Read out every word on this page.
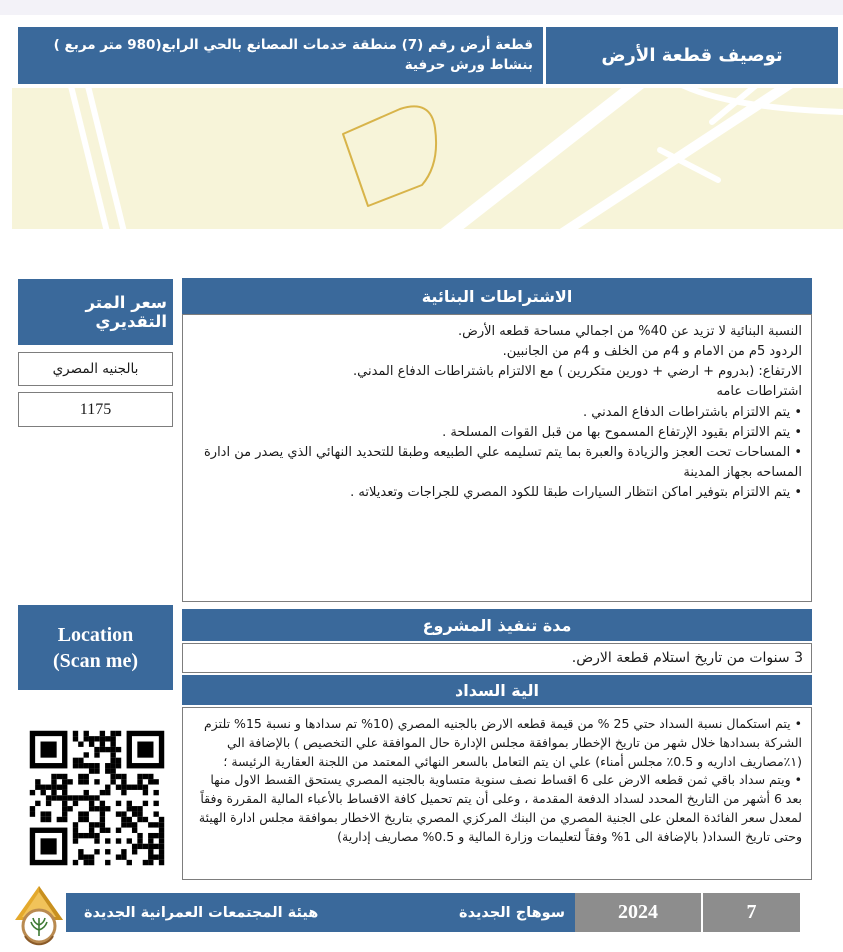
توصيف قطعة الأرض
قطعة أرض رقم (7) منطقة خدمات المصانع بالحي الرابع(980 متر مربع ) بنشاط ورش حرفية
سعر المتر التقديري
بالجنيه المصري
1175
Location
(Scan me)
الاشتراطات البنائية
النسبة البنائية لا تزيد عن 40% من اجمالي مساحة قطعه الأرض.
الردود 5م من الامام و 4م من الخلف و 4م من الجانبين.
الارتفاع: (بدروم + ارضي + دورين متكررين ) مع الالتزام باشتراطات الدفاع المدني.
اشتراطات عامه
• يتم الالتزام باشتراطات الدفاع المدني .
• يتم الالتزام بقيود الإرتفاع المسموح بها من قبل القوات المسلحة .
• المساحات تحت العجز والزيادة والعبرة بما يتم تسليمه علي الطبيعه وطبقا للتحديد النهائي الذي يصدر من ادارة المساحه بجهاز المدينة
• يتم الالتزام بتوفير اماكن انتظار السيارات طبقا للكود المصري للجراجات وتعديلاته .
مدة تنفيذ المشروع
3 سنوات من تاريخ استلام قطعة الارض.
الية السداد
• يتم استكمال نسبة السداد حتي 25 % من قيمة قطعه الارض بالجنيه المصري (10% تم سدادها و نسبة 15% تلتزم الشركة بسدادها خلال شهر من تاريخ الإخطار بموافقة مجلس الإدارة حال الموافقة علي التخصيص ) بالإضافة الي (١٪مصاريف اداريه و 0.5٪ مجلس أمناء) علي ان يتم التعامل بالسعر النهائي المعتمد من اللجنة العقارية الرئيسة ؛
• ويتم سداد باقي ثمن قطعه الارض على 6 اقساط نصف سنوية متساوية بالجنيه المصري يستحق القسط الاول منها بعد 6 أشهر من التاريخ المحدد لسداد الدفعة المقدمة ، وعلى أن يتم تحميل كافة الاقساط بالأعباء المالية المقررة وفقاً لمعدل سعر الفائدة المعلن على الجنية المصري من البنك المركزي المصري بتاريخ الاخطار بموافقة مجلس ادارة الهيئة وحتى تاريخ السداد( بالإضافة الى 1% وفقاً لتعليمات وزارة المالية و 0.5% مصاريف إدارية)
هيئة المجتمعات العمرانية الجديدة	سوهاج الجديدة	2024	7
